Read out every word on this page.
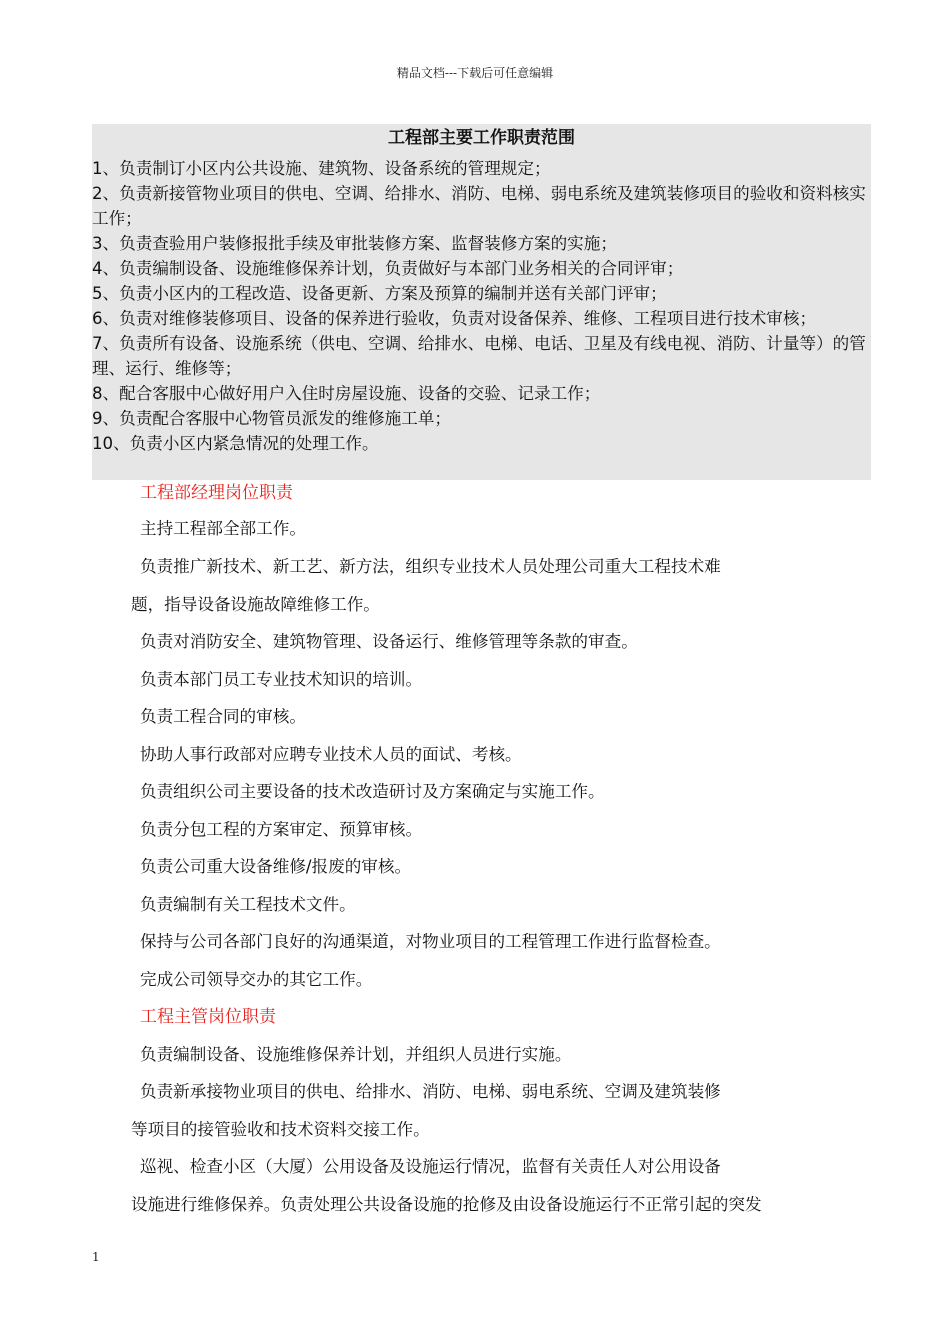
精品文档---下载后可任意编辑
工程部主要工作职责范围

1、负责制订小区内公共设施、建筑物、设备系统的管理规定；

2、负责新接管物业项目的供电、空调、给排水、消防、电梯、弱电系统及建筑装修项目的验收和资料核实工作；

3、负责查验用户装修报批手续及审批装修方案、监督装修方案的实施；

4、负责编制设备、设施维修保养计划，负责做好与本部门业务相关的合同评审；

5、负责小区内的工程改造、设备更新、方案及预算的编制并送有关部门评审；

6、负责对维修装修项目、设备的保养进行验收，负责对设备保养、维修、工程项目进行技术审核；

7、负责所有设备、设施系统（供电、空调、给排水、电梯、电话、卫星及有线电视、消防、计量等）的管理、运行、维修等；

8、配合客服中心做好用户入住时房屋设施、设备的交验、记录工作；

9、负责配合客服中心物管员派发的维修施工单；

10、负责小区内紧急情况的处理工作。

工程部经理岗位职责
主持工程部全部工作。
负责推广新技术、新工艺、新方法，组织专业技术人员处理公司重大工程技术难
题，指导设备设施故障维修工作。
负责对消防安全、建筑物管理、设备运行、维修管理等条款的审查。
负责本部门员工专业技术知识的培训。
负责工程合同的审核。
协助人事行政部对应聘专业技术人员的面试、考核。
负责组织公司主要设备的技术改造研讨及方案确定与实施工作。
负责分包工程的方案审定、预算审核。
负责公司重大设备维修/报废的审核。
负责编制有关工程技术文件。
保持与公司各部门良好的沟通渠道，对物业项目的工程管理工作进行监督检查。
完成公司领导交办的其它工作。
工程主管岗位职责
负责编制设备、设施维修保养计划，并组织人员进行实施。
负责新承接物业项目的供电、给排水、消防、电梯、弱电系统、空调及建筑装修
等项目的接管验收和技术资料交接工作。
巡视、检查小区（大厦）公用设备及设施运行情况，监督有关责任人对公用设备
设施进行维修保养。负责处理公共设备设施的抢修及由设备设施运行不正常引起的突发
1
